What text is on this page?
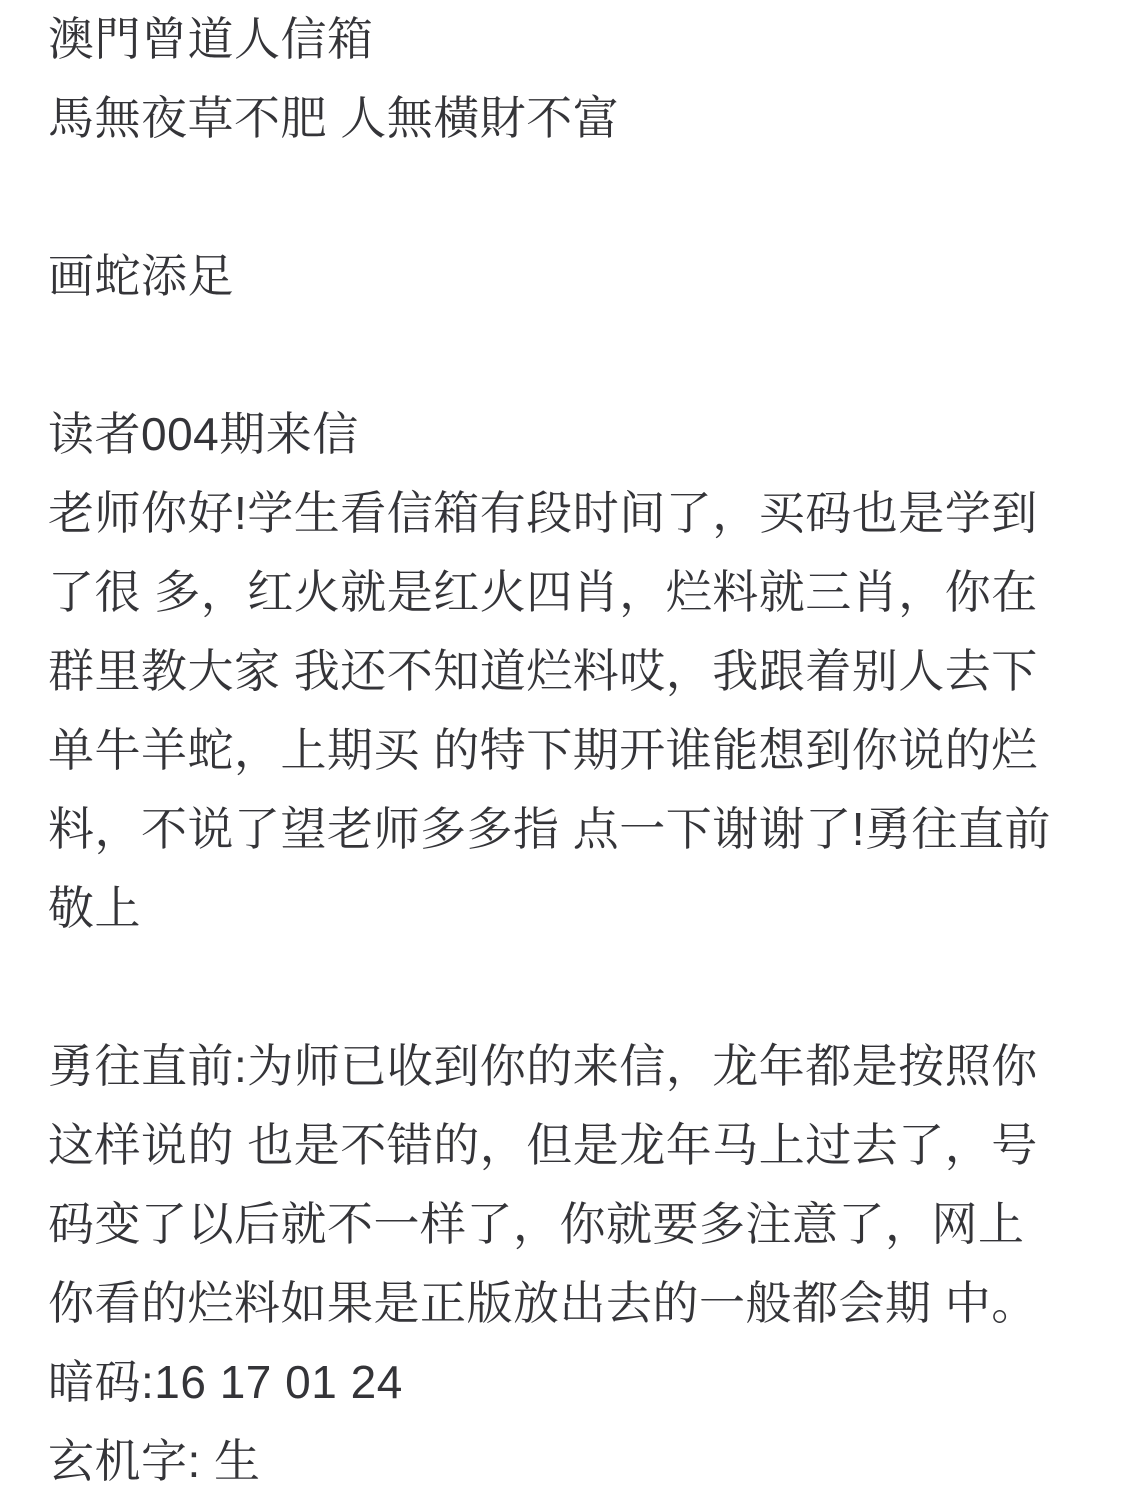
澳門曾道人信箱
馬無夜草不肥 人無橫財不富
画蛇添足
读者004期来信
老师你好!学生看信箱有段时间了，买码也是学到
了很 多，红火就是红火四肖，烂料就三肖，你在
群里教大家 我还不知道烂料哎，我跟着别人去下
单牛羊蛇，上期买 的特下期开谁能想到你说的烂
料，不说了望老师多多指 点一下谢谢了!勇往直前
敬上
勇往直前:为师已收到你的来信，龙年都是按照你
这样说的 也是不错的，但是龙年马上过去了，号
码变了以后就不一样了，你就要多注意了，网上
你看的烂料如果是正版放出去的一般都会期 中。
暗码:16 17 01 24
玄机字: 生
